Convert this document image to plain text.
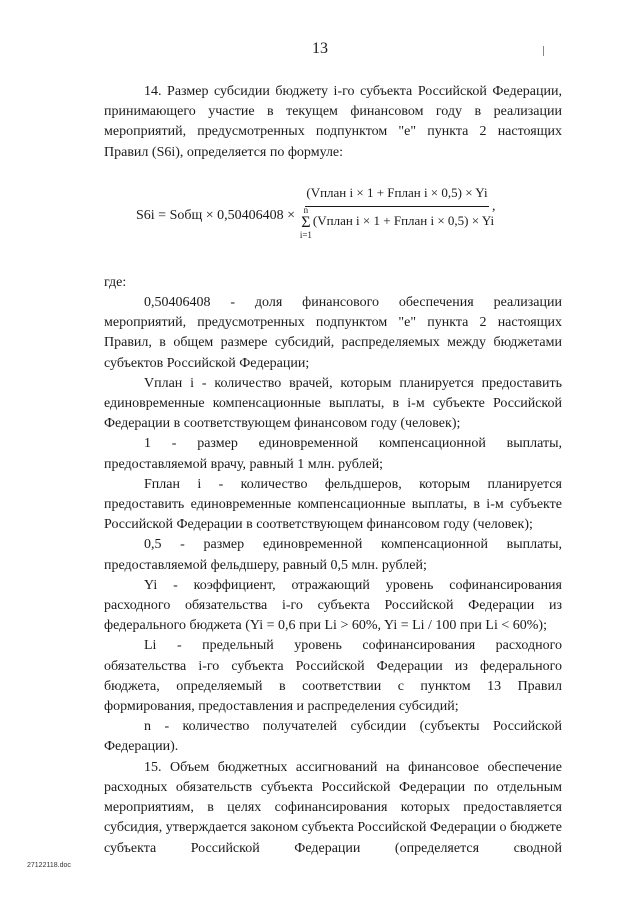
13

14. Размер субсидии бюджету i-го субъекта Российской Федерации,

принимающего участие в текущем финансовом году в реализации

мероприятий, предусмотренных подпунктом "е" пункта 2 настоящих

Правил (S6i), определяется по формуле:

S6i = Sобщ × 0,50406408 ×
(Vплан i × 1 + Fплан i × 0,5) × Yi
n
Σ
i=1
(Vплан i × 1 + Fплан i × 0,5) × Yi
,

где:

0,50406408 - доля финансового обеспечения реализации мероприятий, предусмотренных подпунктом "е" пункта 2 настоящих Правил, в общем размере субсидий, распределяемых между бюджетами субъектов Российской Федерации;

Vплан i - количество врачей, которым планируется предоставить единовременные компенсационные выплаты, в i-м субъекте Российской Федерации в соответствующем финансовом году (человек);

1 - размер единовременной компенсационной выплаты, предоставляемой врачу, равный 1 млн. рублей;

Fплан i - количество фельдшеров, которым планируется предоставить единовременные компенсационные выплаты, в i-м субъекте Российской Федерации в соответствующем финансовом году (человек);

0,5 - размер единовременной компенсационной выплаты, предоставляемой фельдшеру, равный 0,5 млн. рублей;

Yi - коэффициент, отражающий уровень софинансирования расходного обязательства i-го субъекта Российской Федерации из федерального бюджета (Yi = 0,6 при Li > 60%, Yi = Li / 100 при Li < 60%);

Li - предельный уровень софинансирования расходного обязательства i-го субъекта Российской Федерации из федерального бюджета, определяемый в соответствии с пунктом 13 Правил формирования, предоставления и распределения субсидий;

n - количество получателей субсидии (субъекты Российской Федерации).

15. Объем бюджетных ассигнований на финансовое обеспечение расходных обязательств субъекта Российской Федерации по отдельным мероприятиям, в целях софинансирования которых предоставляется субсидия, утверждается законом субъекта Российской Федерации о бюджете субъекта Российской Федерации (определяется сводной

27122118.doc
